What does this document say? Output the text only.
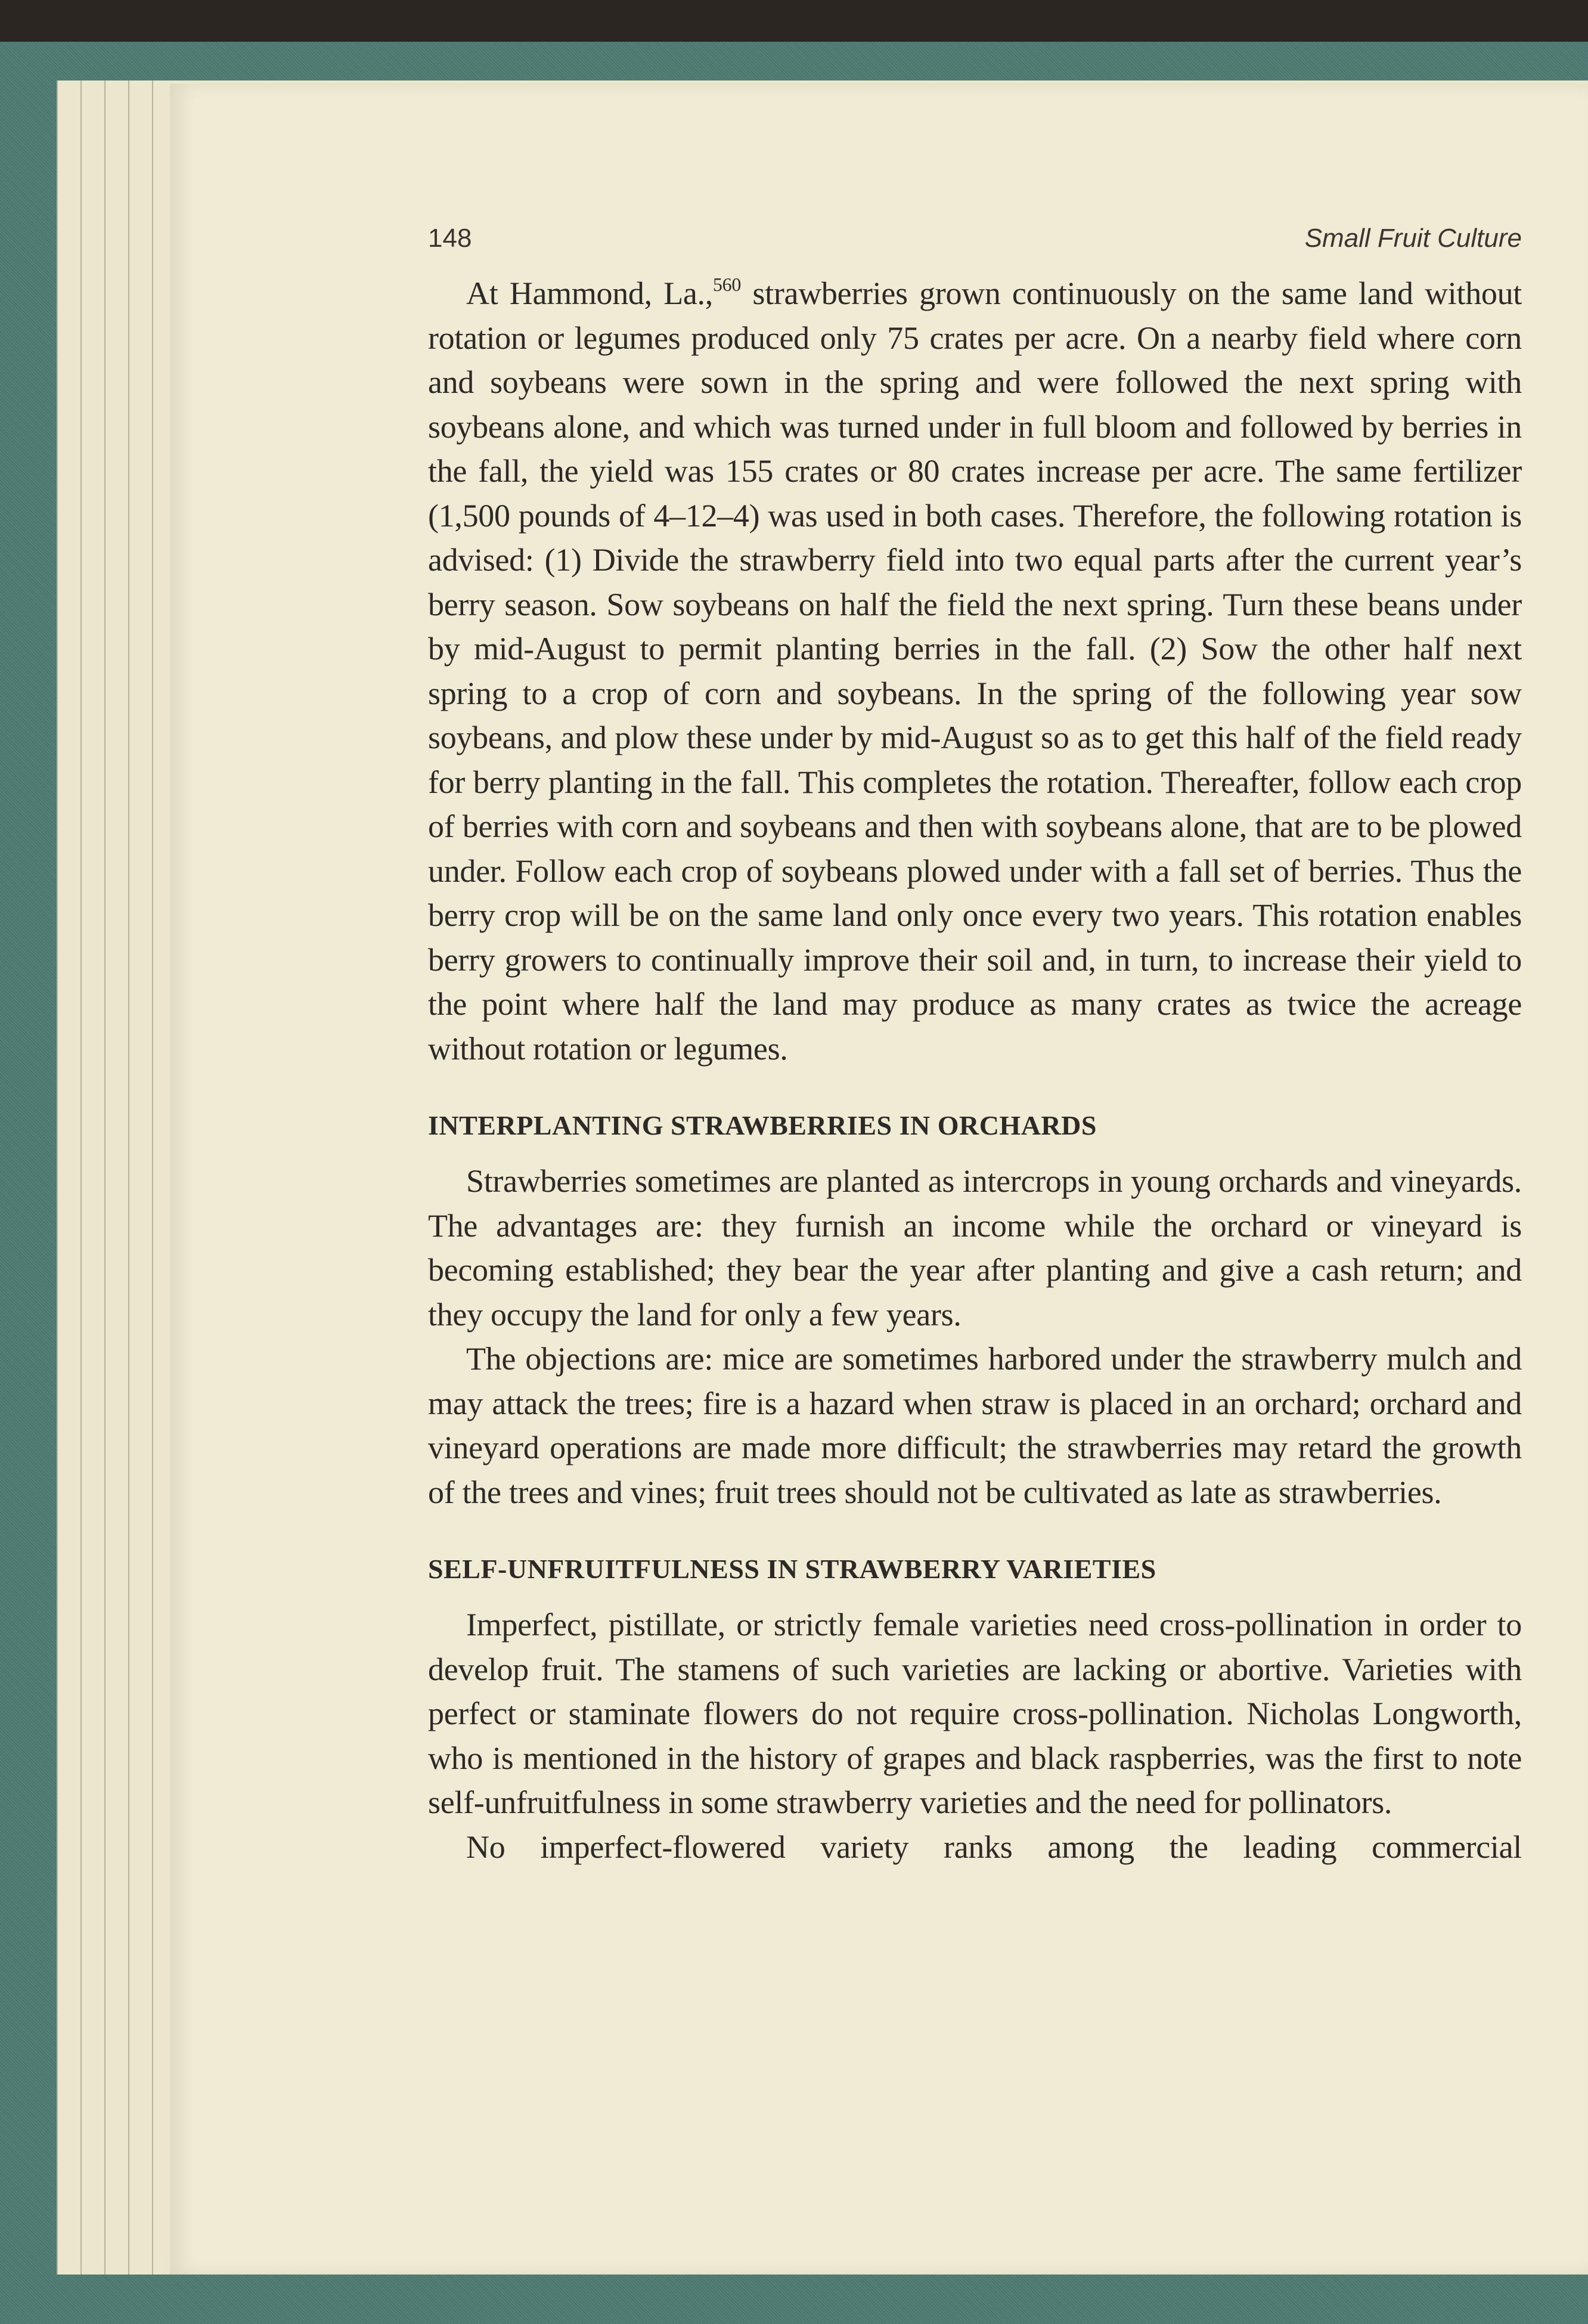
148	Small Fruit Culture

At Hammond, La.,$^{560}$ strawberries grown continuously on the same land without rotation or legumes produced only 75 crates per acre. On a nearby field where corn and soybeans were sown in the spring and were followed the next spring with soybeans alone, and which was turned under in full bloom and followed by berries in the fall, the yield was 155 crates or 80 crates increase per acre. The same fertilizer (1,500 pounds of 4–12–4) was used in both cases. Therefore, the following rotation is advised: (1) Divide the strawberry field into two equal parts after the current year’s berry season. Sow soybeans on half the field the next spring. Turn these beans under by mid-August to permit planting berries in the fall. (2) Sow the other half next spring to a crop of corn and soybeans. In the spring of the following year sow soybeans, and plow these under by mid-August so as to get this half of the field ready for berry planting in the fall. This completes the rotation. Thereafter, follow each crop of berries with corn and soybeans and then with soybeans alone, that are to be plowed under. Follow each crop of soybeans plowed under with a fall set of berries. Thus the berry crop will be on the same land only once every two years. This rotation enables berry growers to continually improve their soil and, in turn, to increase their yield to the point where half the land may produce as many crates as twice the acreage without rotation or legumes.

INTERPLANTING STRAWBERRIES IN ORCHARDS

Strawberries sometimes are planted as intercrops in young orchards and vineyards. The advantages are: they furnish an income while the orchard or vineyard is becoming established; they bear the year after planting and give a cash return; and they occupy the land for only a few years.

The objections are: mice are sometimes harbored under the strawberry mulch and may attack the trees; fire is a hazard when straw is placed in an orchard; orchard and vineyard operations are made more difficult; the strawberries may retard the growth of the trees and vines; fruit trees should not be cultivated as late as strawberries.

SELF-UNFRUITFULNESS IN STRAWBERRY VARIETIES

Imperfect, pistillate, or strictly female varieties need cross-pollination in order to develop fruit. The stamens of such varieties are lacking or abortive. Varieties with perfect or staminate flowers do not require cross-pollination. Nicholas Longworth, who is mentioned in the history of grapes and black raspberries, was the first to note self-unfruitfulness in some strawberry varieties and the need for pollinators.

No imperfect-flowered variety ranks among the leading commercial
